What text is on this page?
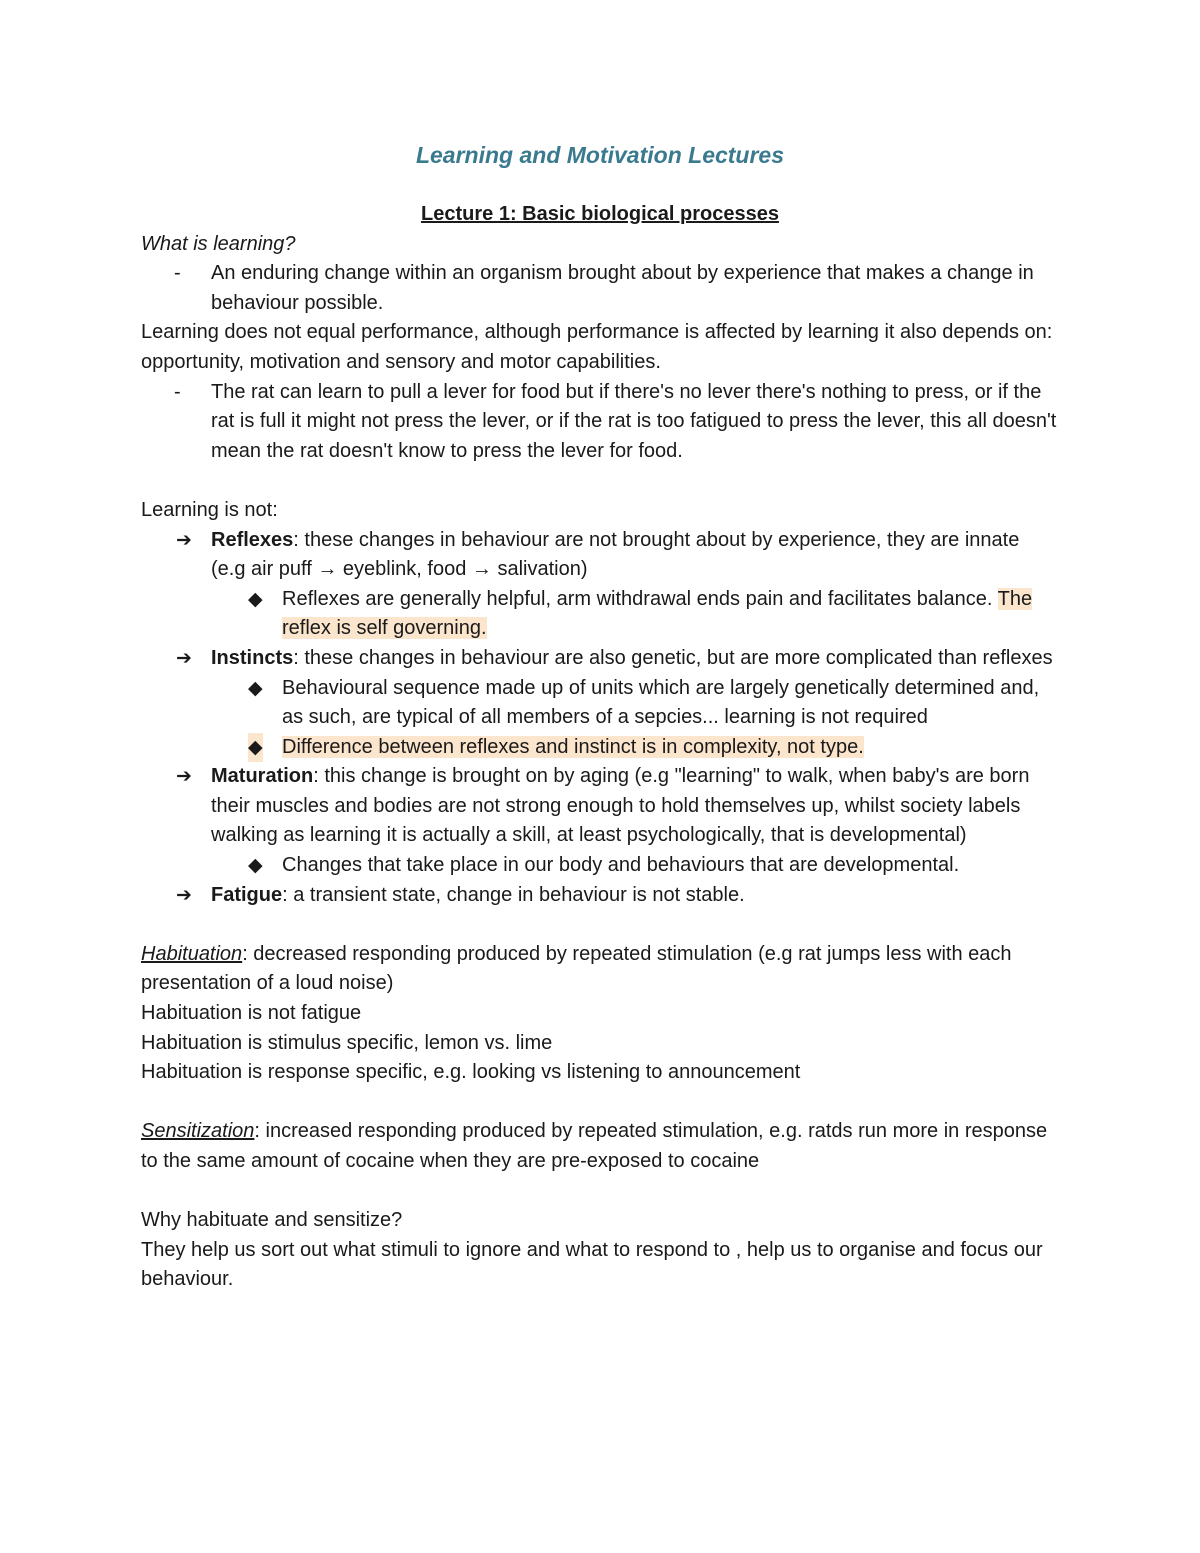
Learning and Motivation Lectures

Lecture 1: Basic biological processes

What is learning?

- An enduring change within an organism brought about by experience that makes a change in behaviour possible.

Learning does not equal performance, although performance is affected by learning it also depends on: opportunity, motivation and sensory and motor capabilities.

- The rat can learn to pull a lever for food but if there's no lever there's nothing to press, or if the rat is full it might not press the lever, or if the rat is too fatigued to press the lever, this all doesn't mean the rat doesn't know to press the lever for food.

Learning is not:

➔ Reflexes: these changes in behaviour are not brought about by experience, they are innate (e.g air puff → eyeblink, food → salivation)
◆ Reflexes are generally helpful, arm withdrawal ends pain and facilitates balance. The reflex is self governing.
➔ Instincts: these changes in behaviour are also genetic, but are more complicated than reflexes
◆ Behavioural sequence made up of units which are largely genetically determined and, as such, are typical of all members of a sepcies... learning is not required
◆ Difference between reflexes and instinct is in complexity, not type.
➔ Maturation: this change is brought on by aging (e.g "learning" to walk, when baby's are born their muscles and bodies are not strong enough to hold themselves up, whilst society labels walking as learning it is actually a skill, at least psychologically, that is developmental)
◆ Changes that take place in our body and behaviours that are developmental.
➔ Fatigue: a transient state, change in behaviour is not stable.

Habituation: decreased responding produced by repeated stimulation (e.g rat jumps less with each presentation of a loud noise)

Habituation is not fatigue

Habituation is stimulus specific, lemon vs. lime

Habituation is response specific, e.g. looking vs listening to announcement

Sensitization: increased responding produced by repeated stimulation, e.g. ratds run more in response to the same amount of cocaine when they are pre-exposed to cocaine

Why habituate and sensitize?

They help us sort out what stimuli to ignore and what to respond to , help us to organise and focus our behaviour.
